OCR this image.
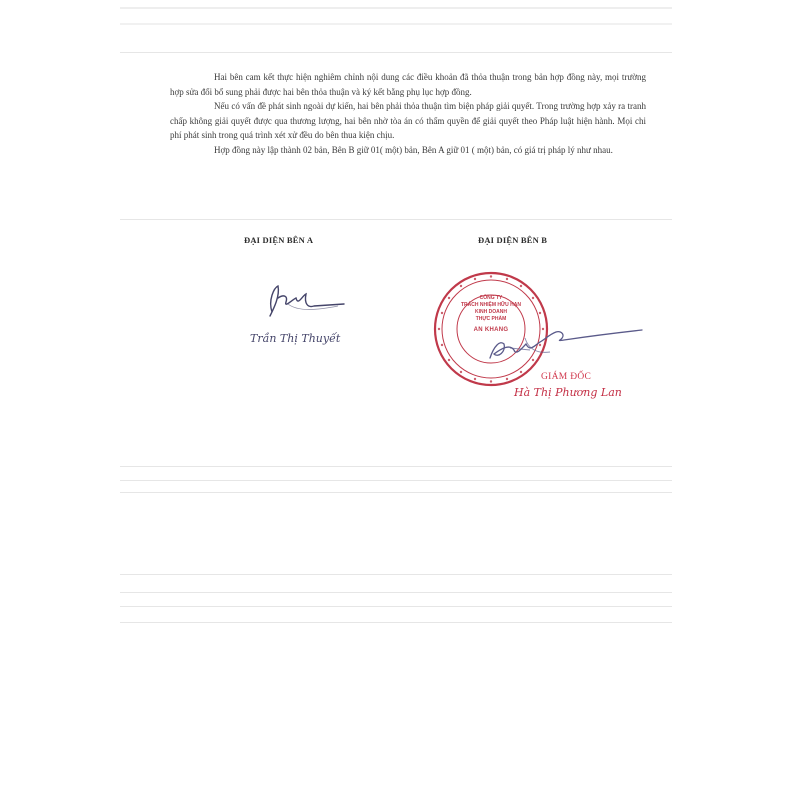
Hai bên cam kết thực hiện nghiêm chỉnh nội dung các điều khoản đã thỏa thuận trong bản hợp đồng này, mọi trường hợp sửa đổi bổ sung phải được hai bên thỏa thuận và ký kết bằng phụ lục hợp đồng.

Nếu có vấn đề phát sinh ngoài dự kiến, hai bên phải thỏa thuận tìm biện pháp giải quyết. Trong trường hợp xảy ra tranh chấp không giải quyết được qua thương lượng, hai bên nhờ tòa án có thẩm quyền để giải quyết theo Pháp luật hiện hành. Mọi chi phí phát sinh trong quá trình xét xử đều do bên thua kiện chịu.

Hợp đồng này lập thành 02 bản, Bên B giữ 01( một) bản, Bên A giữ 01 ( một) bản, có giá trị pháp lý như nhau.

ĐẠI DIỆN BÊN A	ĐẠI DIỆN BÊN B
Trần Thị Thuyết
CÔNG TY
TRÁCH NHIỆM HỮU HẠN
KINH DOANH
THỰC PHẨM
AN KHANG
GIÁM ĐỐC
Hà Thị Phương Lan
